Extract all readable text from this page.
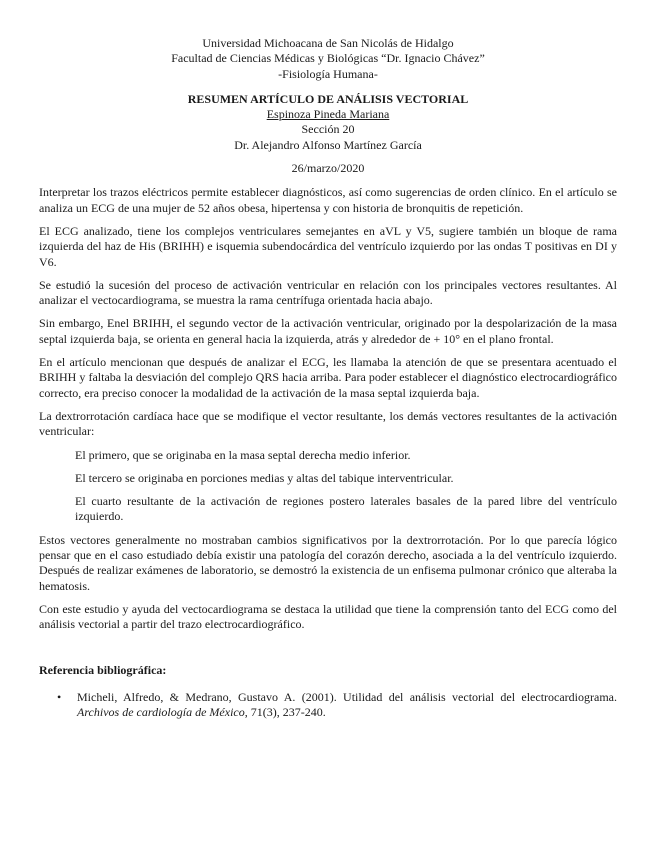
Universidad Michoacana de San Nicolás de Hidalgo

Facultad de Ciencias Médicas y Biológicas “Dr. Ignacio Chávez”

-Fisiología Humana-

RESUMEN ARTÍCULO DE ANÁLISIS VECTORIAL

Espinoza Pineda Mariana

Sección 20

Dr. Alejandro Alfonso Martínez García

26/marzo/2020

Interpretar los trazos eléctricos permite establecer diagnósticos, así como sugerencias de orden clínico. En el artículo se analiza un ECG de una mujer de 52 años obesa, hipertensa y con historia de bronquitis de repetición.

El ECG analizado, tiene los complejos ventriculares semejantes en aVL y V5, sugiere también un bloque de rama izquierda del haz de His (BRIHH) e isquemia subendocárdica del ventrículo izquierdo por las ondas T positivas en DI y V6.

Se estudió la sucesión del proceso de activación ventricular en relación con los principales vectores resultantes. Al analizar el vectocardiograma, se muestra la rama centrífuga orientada hacia abajo.

Sin embargo, Enel BRIHH, el segundo vector de la activación ventricular, originado por la despolarización de la masa septal izquierda baja, se orienta en general hacia la izquierda, atrás y alrededor de + 10° en el plano frontal.

En el artículo mencionan que después de analizar el ECG, les llamaba la atención de que se presentara acentuado el BRIHH y faltaba la desviación del complejo QRS hacia arriba. Para poder establecer el diagnóstico electrocardiográfico correcto, era preciso conocer la modalidad de la activación de la masa septal izquierda baja.

La dextrorrotación cardíaca hace que se modifique el vector resultante, los demás vectores resultantes de la activación ventricular:

El primero, que se originaba en la masa septal derecha medio inferior.

El tercero se originaba en porciones medias y altas del tabique interventricular.

El cuarto resultante de la activación de regiones postero laterales basales de la pared libre del ventrículo izquierdo.

Estos vectores generalmente no mostraban cambios significativos por la dextrorrotación. Por lo que parecía lógico pensar que en el caso estudiado debía existir una patología del corazón derecho, asociada a la del ventrículo izquierdo. Después de realizar exámenes de laboratorio, se demostró la existencia de un enfisema pulmonar crónico que alteraba la hematosis.

Con este estudio y ayuda del vectocardiograma se destaca la utilidad que tiene la comprensión tanto del ECG como del análisis vectorial a partir del trazo electrocardiográfico.

Referencia bibliográfica:

•	Micheli, Alfredo, & Medrano, Gustavo A. (2001). Utilidad del análisis vectorial del electrocardiograma. Archivos de cardiología de México, 71(3), 237-240.
